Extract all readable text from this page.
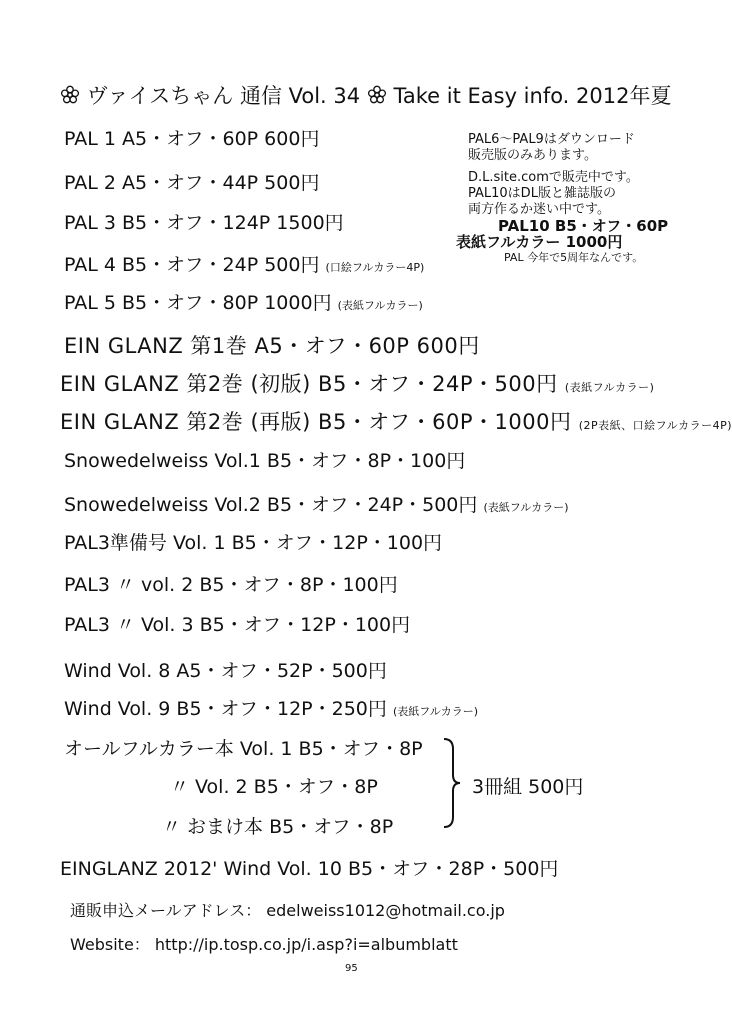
ヴァイスちゃん 通信 Vol. 34 Take it Easy info. 2012年夏
PAL 1 A5・オフ・60P 600円
PAL 2 A5・オフ・44P 500円
PAL 3 B5・オフ・124P 1500円
PAL 4 B5・オフ・24P 500円 (口絵フルカラー4P)
PAL 5 B5・オフ・80P 1000円 (表紙フルカラー)
EIN GLANZ 第1巻 A5・オフ・60P 600円
EIN GLANZ 第2巻 (初版) B5・オフ・24P・500円 (表紙フルカラー)
EIN GLANZ 第2巻 (再版) B5・オフ・60P・1000円 (2P表紙、口絵フルカラー4P)
Snowedelweiss Vol.1 B5・オフ・8P・100円
Snowedelweiss Vol.2 B5・オフ・24P・500円 (表紙フルカラー)
PAL3準備号 Vol. 1 B5・オフ・12P・100円
PAL3 〃 vol. 2 B5・オフ・8P・100円
PAL3 〃 Vol. 3 B5・オフ・12P・100円
Wind Vol. 8 A5・オフ・52P・500円
Wind Vol. 9 B5・オフ・12P・250円 (表紙フルカラー)
オールフルカラー本 Vol. 1 B5・オフ・8P
〃 Vol. 2 B5・オフ・8P
〃 おまけ本 B5・オフ・8P
EINGLANZ 2012' Wind Vol. 10 B5・オフ・28P・500円
3冊組 500円
PAL6～PAL9はダウンロード
販売版のみあります。
D.L.site.comで販売中です。
PAL10はDL版と雑誌版の
両方作るか迷い中です。
PAL10 B5・オフ・60P
表紙フルカラー 1000円
PAL 今年で5周年なんです。
通販申込メールアドレス： edelweiss1012@hotmail.co.jp
Website： http://ip.tosp.co.jp/i.asp?i=albumblatt
95
